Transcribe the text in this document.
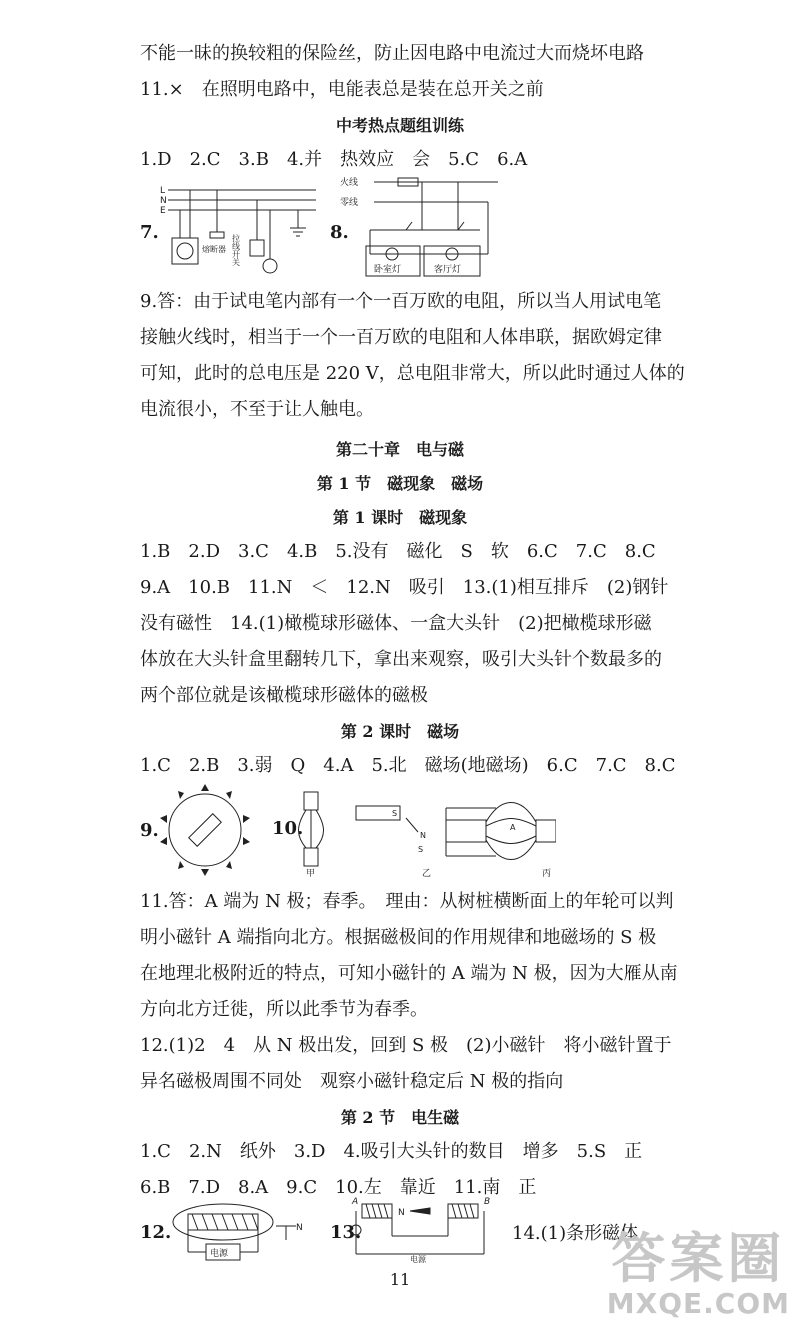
不能一昧的换较粗的保险丝，防止因电路中电流过大而烧坏电路
11.×　在照明电路中，电能表总是装在总开关之前
中考热点题组训练
1.D　2.C　3.B　4.并　热效应　会　5.C　6.A
7.
L
N
E
熔断器 拉线开关
8.
火线
零线
卧室灯	客厅灯
9.答：由于试电笔内部有一个一百万欧的电阻，所以当人用试电笔
接触火线时，相当于一个一百万欧的电阻和人体串联，据欧姆定律
可知，此时的总电压是 220 V，总电阻非常大，所以此时通过人体的
电流很小，不至于让人触电。
第二十章　电与磁
第 1 节　磁现象　磁场
第 1 课时　磁现象
1.B　2.D　3.C　4.B　5.没有　磁化　S　软　6.C　7.C　8.C
9.A　10.B　11.N　＜　12.N　吸引　13.(1)相互排斥　(2)钢针
没有磁性　14.(1)橄榄球形磁体、一盒大头针　(2)把橄榄球形磁
体放在大头针盒里翻转几下，拿出来观察，吸引大头针个数最多的
两个部位就是该橄榄球形磁体的磁极
第 2 课时　磁场
1.C　2.B　3.弱　Q　4.A　5.北　磁场(地磁场)　6.C　7.C　8.C
9.	10.
甲	乙	丙
S
N
S
A
11.答：A 端为 N 极；春季。　理由：从树桩横断面上的年轮可以判
明小磁针 A 端指向北方。根据磁极间的作用规律和地磁场的 S 极
在地理北极附近的特点，可知小磁针的 A 端为 N 极，因为大雁从南
方向北方迁徙，所以此季节为春季。
12.(1)2　4　从 N 极出发，回到 S 极　(2)小磁针　将小磁针置于
异名磁极周围不同处　观察小磁针稳定后 N 极的指向
第 2 节　电生磁
1.C　2.N　纸外　3.D　4.吸引大头针的数目　增多　5.S　正
6.B　7.D　8.A　9.C　10.左　靠近　11.南　正
12.
电源
N 13.
A	B
N
电源
14.(1)条形磁体
11	答案圈
MXQE.COM
